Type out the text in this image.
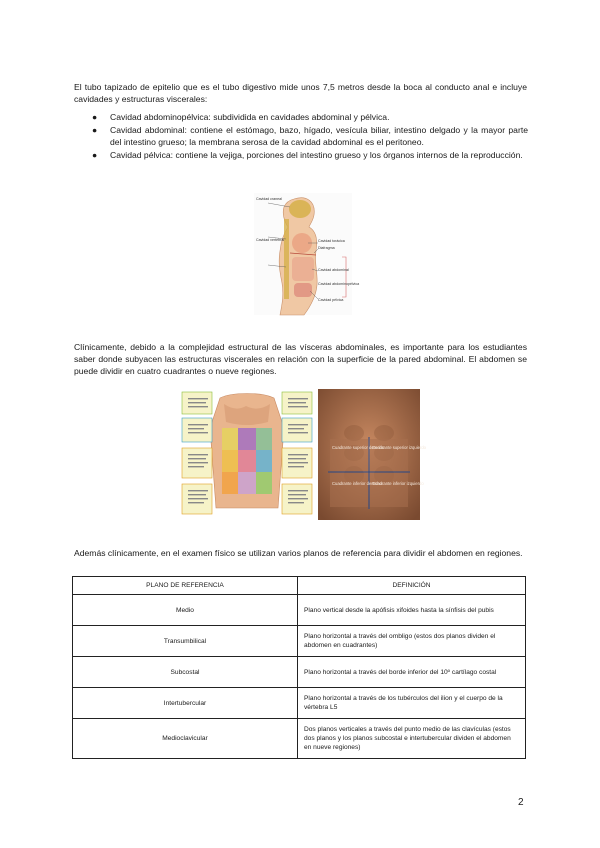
El tubo tapizado de epitelio que es el tubo digestivo mide unos 7,5 metros desde la boca al conducto anal e incluye cavidades y estructuras viscerales:

● Cavidad abdominopélvica: subdividida en cavidades abdominal y pélvica.
● Cavidad abdominal: contiene el estómago, bazo, hígado, vesícula biliar, intestino delgado y la mayor parte del intestino grueso; la membrana serosa de la cavidad abdominal es el peritoneo.
● Cavidad pélvica: contiene la vejiga, porciones del intestino grueso y los órganos internos de la reproducción.
Cavidad craneal
Cavidad vertebral	Cavidad torácica
Diafragma
Cavidad abdominal
Cavidad abdominopélvica
Cavidad pélvica

Clínicamente, debido a la complejidad estructural de las vísceras abdominales, es importante para los estudiantes saber donde subyacen las estructuras viscerales en relación con la superficie de la pared abdominal. El abdomen se puede dividir en cuatro cuadrantes o nueve regiones.

Cuadrante superior derecho
Cuadrante superior izquierdo
Cuadrante inferior derecho
Cuadrante inferior izquierdo

Además clínicamente, en el examen físico se utilizan varios planos de referencia para dividir el abdomen en regiones.

PLANO DE REFERENCIA	DEFINICIÓN
Medio	Plano vertical desde la apófisis xifoides hasta la sínfisis del pubis
Transumbilical	Plano horizontal a través del ombligo (estos dos planos dividen el abdomen en cuadrantes)
Subcostal	Plano horizontal a través del borde inferior del 10º cartílago costal
Intertubercular	Plano horizontal a través de los tubérculos del ilion y el cuerpo de la vértebra L5
Medioclavicular	Dos planos verticales a través del punto medio de las clavículas (estos dos planos y los planos subcostal e intertubercular dividen el abdomen en nueve regiones)
2
